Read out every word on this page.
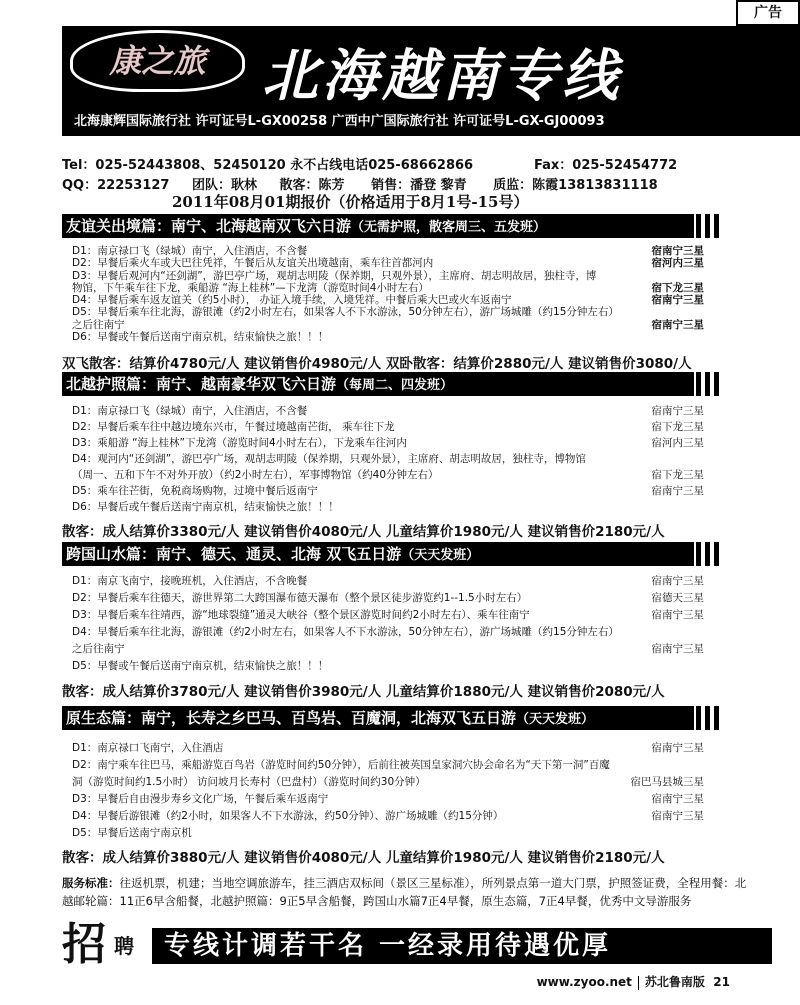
广告
康之旅	北海越南专线
北海康辉国际旅行社 许可证号L-GX00258 广西中广国际旅行社 许可证号L-GX-GJ00093
Tel：025-52443808、52450120 永不占线电话025-68662866	Fax：025-52454772
QQ：22253127 团队：耿林 散客：陈芳 销售：潘登 黎青 质监：陈霞13813831118
2011年08月01期报价（价格适用于8月1号-15号）
友谊关出境篇：南宁、北海越南双飞六日游（无需护照，散客周三、五发班）
D1：南京禄口飞（绿城）南宁，入住酒店，不含餐	宿南宁三星
D2：早餐后乘火车或大巴往凭祥，午餐后从友谊关出境越南，乘车往首都河内	宿河内三星
D3：早餐后观河内“还剑湖”，游巴亭广场，观胡志明陵（保养期，只观外景），主席府、胡志明故居，独柱寺，博
物馆，下午乘车往下龙，乘船游 “海上桂林”—下龙湾（游览时间4小时左右）	宿下龙三星
D4：早餐后乘车返友谊关（约5小时）， 办证入境手续，入境凭祥。中餐后乘大巴或火车返南宁	宿南宁三星
D5：早餐后乘车往北海，游银滩（约2小时左右，如果客人不下水游泳，50分钟左右），游广场城雕（约15分钟左右）
之后往南宁	宿南宁三星
D6：早餐或午餐后送南宁南京机，结束愉快之旅！！！
双飞散客：结算价4780元/人 建议销售价4980元/人 双卧散客：结算价2880元/人 建议销售价3080/人
北越护照篇：南宁、越南豪华双飞六日游（每周二、四发班）
D1：南京禄口飞（绿城）南宁，入住酒店，不含餐	宿南宁三星
D2：早餐后乘车往中越边境东兴市，午餐过境越南芒街， 乘车往下龙	宿下龙三星
D3：乘船游 “海上桂林”下龙湾（游览时间4小时左右），下龙乘车往河内	宿河内三星
D4：观河内“还剑湖”，游巴亭广场，观胡志明陵（保养期，只观外景），主席府、胡志明故居，独柱寺，博物馆
（周一、五和下午不对外开放）（约2小时左右），军事博物馆（约40分钟左右）	宿下龙三星
D5：乘车往芒街，免税商场购物，过境中餐后返南宁	宿南宁三星
D6：早餐后或午餐后送南宁南京机，结束愉快之旅！！！
散客：成人结算价3380元/人 建议销售价4080元/人 儿童结算价1980元/人 建议销售价2180元/人
跨国山水篇：南宁、德天、通灵、北海 双飞五日游（天天发班）
D1：南京飞南宁，接晚班机，入住酒店，不含晚餐	宿南宁三星
D2：早餐后乘车往德天，游世界第二大跨国瀑布德天瀑布（整个景区徒步游览约1--1.5小时左右）	宿德天三星
D3：早餐后乘车往靖西，游“地球裂缝”通灵大峡谷（整个景区游览时间约2小时左右）、乘车往南宁	宿南宁三星
D4：早餐后乘车往北海，游银滩（约2小时左右，如果客人不下水游泳，50分钟左右），游广场城雕（约15分钟左右）
之后往南宁	宿南宁三星
D5：早餐或午餐后送南宁南京机，结束愉快之旅！！！
散客：成人结算价3780元/人 建议销售价3980元/人 儿童结算价1880元/人 建议销售价2080元/人
原生态篇：南宁，长寿之乡巴马、百鸟岩、百魔洞，北海双飞五日游（天天发班）
D1：南京禄口飞南宁，入住酒店	宿南宁三星
D2：南宁乘车往巴马，乘船游览百鸟岩（游览时间约50分钟），后前往被英国皇家洞穴协会命名为“天下第一洞”百魔
洞（游览时间约1.5小时） 访问坡月长寿村（巴盘村）（游览时间约30分钟）	宿巴马县城三星
D3：早餐后自由漫步寿乡文化广场，午餐后乘车返南宁	宿南宁三星
D4：早餐后游银滩（约2小时，如果客人不下水游泳，约50分钟）、游广场城雕（约15分钟）	宿南宁三星
D5：早餐后送南宁南京机
散客：成人结算价3880元/人 建议销售价4080元/人 儿童结算价1980元/人 建议销售价2180元/人
服务标准：往返机票，机建；当地空调旅游车，挂三酒店双标间（景区三星标准），所列景点第一道大门票，护照签证费，全程用餐：北越邮轮篇：11正6早含船餐，北越护照篇：9正5早含船餐，跨国山水篇7正4早餐，原生态篇，7正4早餐，优秀中文导游服务
招 聘	专线计调若干名 一经录用待遇优厚
www.zyoo.net 苏北鲁南版 21
